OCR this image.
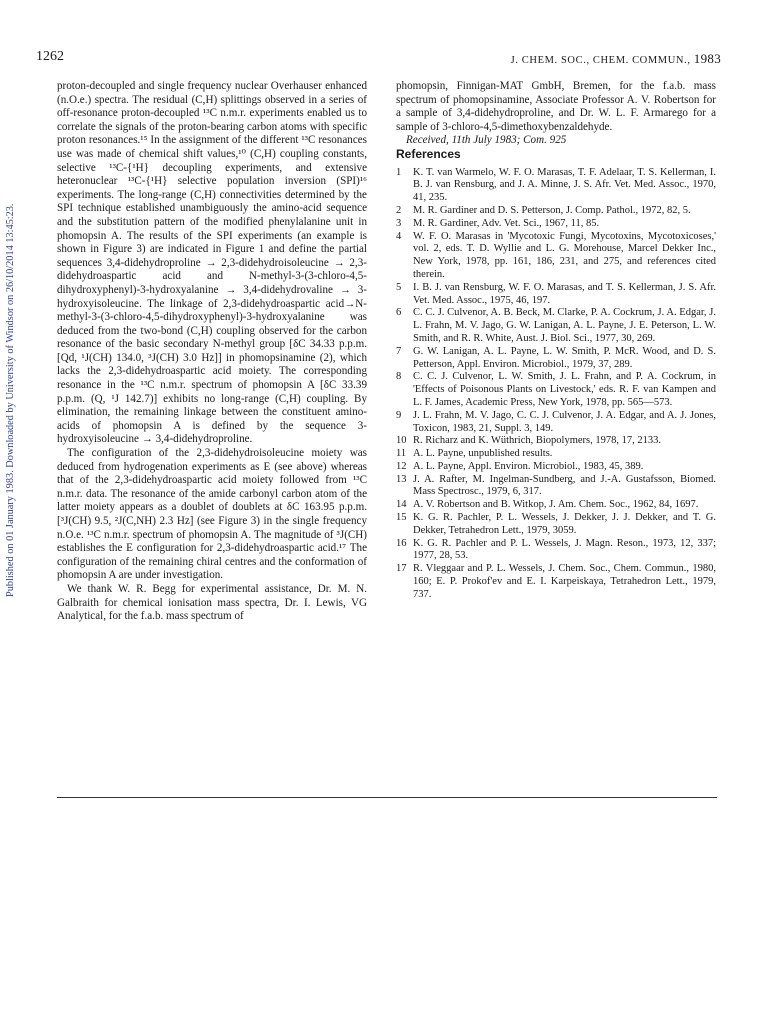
1262	J. CHEM. SOC., CHEM. COMMUN., 1983
Published on 01 January 1983. Downloaded by University of Windsor on 26/10/2014 13:45:23.

proton-decoupled and single frequency nuclear Overhauser enhanced (n.O.e.) spectra. The residual (C,H) splittings observed in a series of off-resonance proton-decoupled ¹³C n.m.r. experiments enabled us to correlate the signals of the proton-bearing carbon atoms with specific proton resonances.¹⁵ In the assignment of the different ¹³C resonances use was made of chemical shift values,¹⁰ (C,H) coupling constants, selective ¹³C-{¹H} decoupling experiments, and extensive heteronuclear ¹³C-{¹H} selective population inversion (SPI)¹⁶ experiments. The long-range (C,H) connectivities determined by the SPI technique established unambiguously the amino-acid sequence and the substitution pattern of the modified phenylalanine unit in phomopsin A. The results of the SPI experiments (an example is shown in Figure 3) are indicated in Figure 1 and define the partial sequences 3,4-didehydroproline → 2,3-didehydroisoleucine → 2,3-didehydroaspartic acid and N-methyl-3-(3-chloro-4,5-dihydroxyphenyl)-3-hydroxyalanine → 3,4-didehydrovaline → 3-hydroxyisoleucine. The linkage of 2,3-didehydroaspartic acid→N-methyl-3-(3-chloro-4,5-dihydroxyphenyl)-3-hydroxyalanine was deduced from the two-bond (C,H) coupling observed for the carbon resonance of the basic secondary N-methyl group [δC 34.33 p.p.m. [Qd, ¹J(CH) 134.0, ³J(CH) 3.0 Hz]] in phomopsinamine (2), which lacks the 2,3-didehydroaspartic acid moiety. The corresponding resonance in the ¹³C n.m.r. spectrum of phomopsin A [δC 33.39 p.p.m. (Q, ¹J 142.7)] exhibits no long-range (C,H) coupling. By elimination, the remaining linkage between the constituent amino-acids of phomopsin A is defined by the sequence 3-hydroxyisoleucine → 3,4-didehydroproline.

The configuration of the 2,3-didehydroisoleucine moiety was deduced from hydrogenation experiments as E (see above) whereas that of the 2,3-didehydroaspartic acid moiety followed from ¹³C n.m.r. data. The resonance of the amide carbonyl carbon atom of the latter moiety appears as a doublet of doublets at δC 163.95 p.p.m. [³J(CH) 9.5, ²J(C,NH) 2.3 Hz] (see Figure 3) in the single frequency n.O.e. ¹³C n.m.r. spectrum of phomopsin A. The magnitude of ³J(CH) establishes the E configuration for 2,3-didehydroaspartic acid.¹⁷ The configuration of the remaining chiral centres and the conformation of phomopsin A are under investigation.

We thank W. R. Begg for experimental assistance, Dr. M. N. Galbraith for chemical ionisation mass spectra, Dr. I. Lewis, VG Analytical, for the f.a.b. mass spectrum of

phomopsin, Finnigan-MAT GmbH, Bremen, for the f.a.b. mass spectrum of phomopsinamine, Associate Professor A. V. Robertson for a sample of 3,4-didehydroproline, and Dr. W. L. F. Armarego for a sample of 3-chloro-4,5-dimethoxybenzaldehyde.

Received, 11th July 1983; Com. 925

References
1	K. T. van Warmelo, W. F. O. Marasas, T. F. Adelaar, T. S. Kellerman, I. B. J. van Rensburg, and J. A. Minne, J. S. Afr. Vet. Med. Assoc., 1970, 41, 235.
2	M. R. Gardiner and D. S. Petterson, J. Comp. Pathol., 1972, 82, 5.
3	M. R. Gardiner, Adv. Vet. Sci., 1967, 11, 85.
4	W. F. O. Marasas in 'Mycotoxic Fungi, Mycotoxins, Mycotoxicoses,' vol. 2, eds. T. D. Wyllie and L. G. Morehouse, Marcel Dekker Inc., New York, 1978, pp. 161, 186, 231, and 275, and references cited therein.
5	I. B. J. van Rensburg, W. F. O. Marasas, and T. S. Kellerman, J. S. Afr. Vet. Med. Assoc., 1975, 46, 197.
6	C. C. J. Culvenor, A. B. Beck, M. Clarke, P. A. Cockrum, J. A. Edgar, J. L. Frahn, M. V. Jago, G. W. Lanigan, A. L. Payne, J. E. Peterson, L. W. Smith, and R. R. White, Aust. J. Biol. Sci., 1977, 30, 269.
7	G. W. Lanigan, A. L. Payne, L. W. Smith, P. McR. Wood, and D. S. Petterson, Appl. Environ. Microbiol., 1979, 37, 289.
8	C. C. J. Culvenor, L. W. Smith, J. L. Frahn, and P. A. Cockrum, in 'Effects of Poisonous Plants on Livestock,' eds. R. F. van Kampen and L. F. James, Academic Press, New York, 1978, pp. 565—573.
9	J. L. Frahn, M. V. Jago, C. C. J. Culvenor, J. A. Edgar, and A. J. Jones, Toxicon, 1983, 21, Suppl. 3, 149.
10 R. Richarz and K. Wüthrich, Biopolymers, 1978, 17, 2133.
11 A. L. Payne, unpublished results.
12 A. L. Payne, Appl. Environ. Microbiol., 1983, 45, 389.
13 J. A. Rafter, M. Ingelman-Sundberg, and J.-A. Gustafsson, Biomed. Mass Spectrosc., 1979, 6, 317.
14 A. V. Robertson and B. Witkop, J. Am. Chem. Soc., 1962, 84, 1697.
15 K. G. R. Pachler, P. L. Wessels, J. Dekker, J. J. Dekker, and T. G. Dekker, Tetrahedron Lett., 1979, 3059.
16 K. G. R. Pachler and P. L. Wessels, J. Magn. Reson., 1973, 12, 337; 1977, 28, 53.
17 R. Vleggaar and P. L. Wessels, J. Chem. Soc., Chem. Commun., 1980, 160; E. P. Prokof'ev and E. I. Karpeiskaya, Tetrahedron Lett., 1979, 737.
